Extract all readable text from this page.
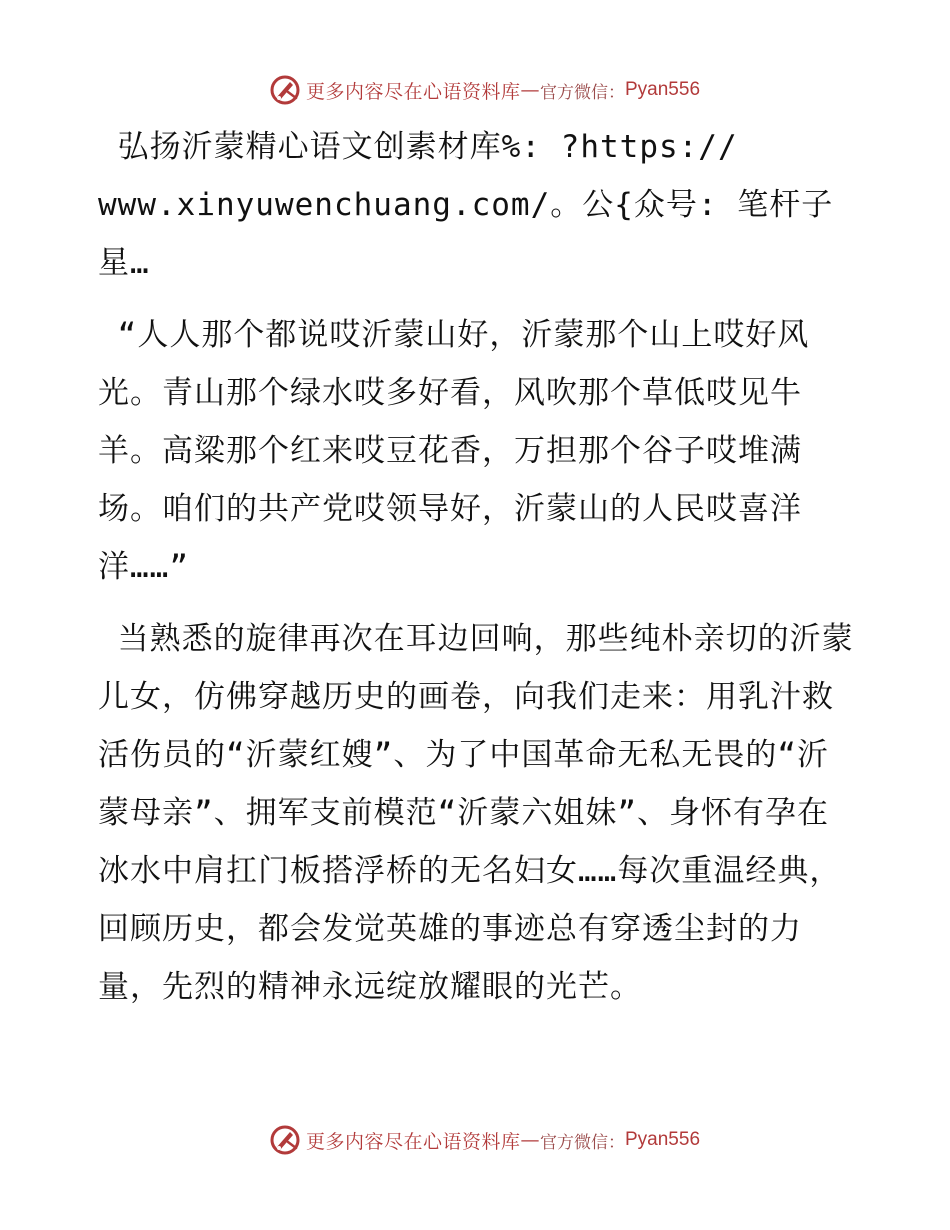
更多内容尽在心语资料库 — 官方微信： Pyan556

弘扬沂蒙精心语文创素材库%: ?https://
www.xinyuwenchuang.com/。公{众号: 笔杆子星…

“人人那个都说哎沂蒙山好，沂蒙那个山上哎好风光。青山那个绿水哎多好看，风吹那个草低哎见牛羊。高粱那个红来哎豆花香，万担那个谷子哎堆满场。咱们的共产党哎领导好，沂蒙山的人民哎喜洋洋……”

当熟悉的旋律再次在耳边回响，那些纯朴亲切的沂蒙儿女，仿佛穿越历史的画卷，向我们走来：用乳汁救活伤员的“沂蒙红嫂”、为了中国革命无私无畏的“沂蒙母亲”、拥军支前模范“沂蒙六姐妹”、身怀有孕在冰水中肩扛门板搭浮桥的无名妇女……每次重温经典，回顾历史，都会发觉英雄的事迹总有穿透尘封的力量，先烈的精神永远绽放耀眼的光芒。

更多内容尽在心语资料库 — 官方微信： Pyan556
